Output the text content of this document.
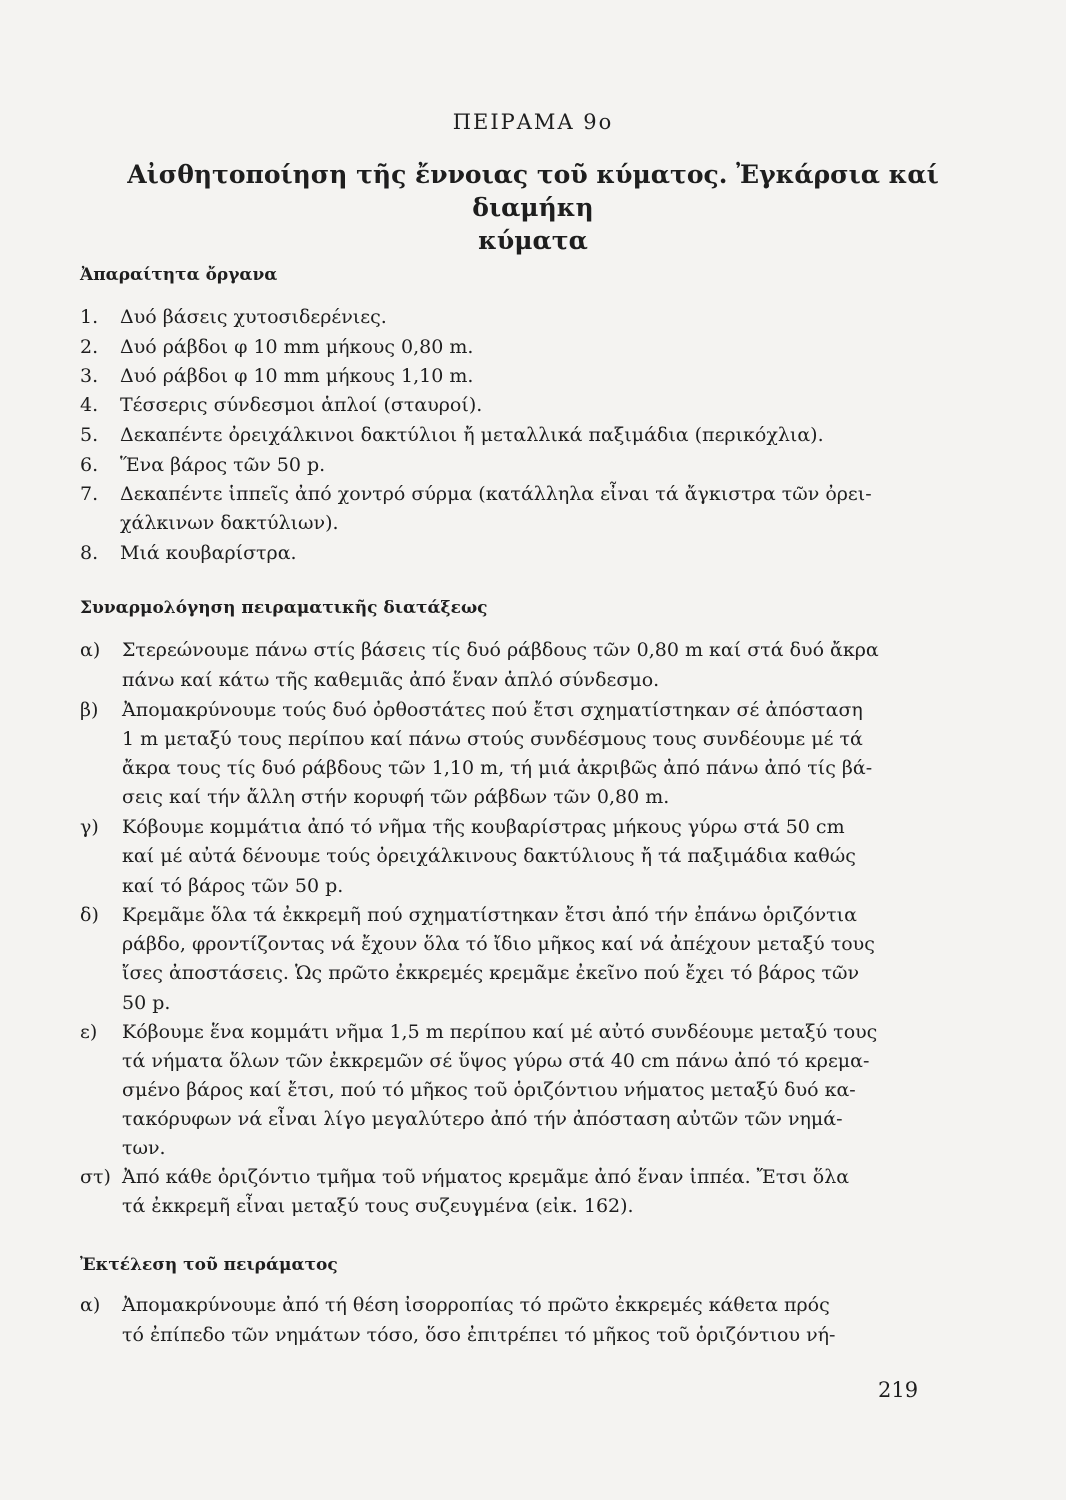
ΠΕΙΡΑΜΑ 9ο
Αἰσθητοποίηση τῆς ἔννοιας τοῦ κύματος. Ἐγκάρσια καί διαμήκη
κύματα
Ἀπαραίτητα ὄργανα
1. Δυό βάσεις χυτοσιδερένιες.
2. Δυό ράβδοι φ 10 mm μήκους 0,80 m.
3. Δυό ράβδοι φ 10 mm μήκους 1,10 m.
4. Τέσσερις σύνδεσμοι ἁπλοί (σταυροί).
5. Δεκαπέντε ὀρειχάλκινοι δακτύλιοι ἤ μεταλλικά παξιμάδια (περικόχλια).
6. Ἕνα βάρος τῶν 50 p.
7. Δεκαπέντε ἱππεῖς ἀπό χοντρό σύρμα (κατάλληλα εἶναι τά ἄγκιστρα τῶν ὀρει-
χάλκινων δακτύλιων).
8. Μιά κουβαρίστρα.
Συναρμολόγηση πειραματικῆς διατάξεως
α) Στερεώνουμε πάνω στίς βάσεις τίς δυό ράβδους τῶν 0,80 m καί στά δυό ἄκρα
πάνω καί κάτω τῆς καθεμιᾶς ἀπό ἕναν ἁπλό σύνδεσμο.
β) Ἀπομακρύνουμε τούς δυό ὀρθοστάτες πού ἔτσι σχηματίστηκαν σέ ἀπόσταση
1 m μεταξύ τους περίπου καί πάνω στούς συνδέσμους τους συνδέουμε μέ τά
ἄκρα τους τίς δυό ράβδους τῶν 1,10 m, τή μιά ἀκριβῶς ἀπό πάνω ἀπό τίς βά-
σεις καί τήν ἄλλη στήν κορυφή τῶν ράβδων τῶν 0,80 m.
γ) Κόβουμε κομμάτια ἀπό τό νῆμα τῆς κουβαρίστρας μήκους γύρω στά 50 cm
καί μέ αὐτά δένουμε τούς ὀρειχάλκινους δακτύλιους ἤ τά παξιμάδια καθώς
καί τό βάρος τῶν 50 p.
δ) Κρεμᾶμε ὅλα τά ἐκκρεμῆ πού σχηματίστηκαν ἔτσι ἀπό τήν ἐπάνω ὁριζόντια
ράβδο, φροντίζοντας νά ἔχουν ὅλα τό ἴδιο μῆκος καί νά ἀπέχουν μεταξύ τους
ἴσες ἀποστάσεις. Ὡς πρῶτο ἐκκρεμές κρεμᾶμε ἐκεῖνο πού ἔχει τό βάρος τῶν
50 p.
ε) Κόβουμε ἕνα κομμάτι νῆμα 1,5 m περίπου καί μέ αὐτό συνδέουμε μεταξύ τους
τά νήματα ὅλων τῶν ἐκκρεμῶν σέ ὕψος γύρω στά 40 cm πάνω ἀπό τό κρεμα-
σμένο βάρος καί ἔτσι, πού τό μῆκος τοῦ ὁριζόντιου νήματος μεταξύ δυό κα-
τακόρυφων νά εἶναι λίγο μεγαλύτερο ἀπό τήν ἀπόσταση αὐτῶν τῶν νημά-
των.
στ) Ἀπό κάθε ὁριζόντιο τμῆμα τοῦ νήματος κρεμᾶμε ἀπό ἕναν ἱππέα. Ἔτσι ὅλα
τά ἐκκρεμῆ εἶναι μεταξύ τους συζευγμένα (εἰκ. 162).
Ἐκτέλεση τοῦ πειράματος
α) Ἀπομακρύνουμε ἀπό τή θέση ἰσορροπίας τό πρῶτο ἐκκρεμές κάθετα πρός
τό ἐπίπεδο τῶν νημάτων τόσο, ὅσο ἐπιτρέπει τό μῆκος τοῦ ὁριζόντιου νή-
219
